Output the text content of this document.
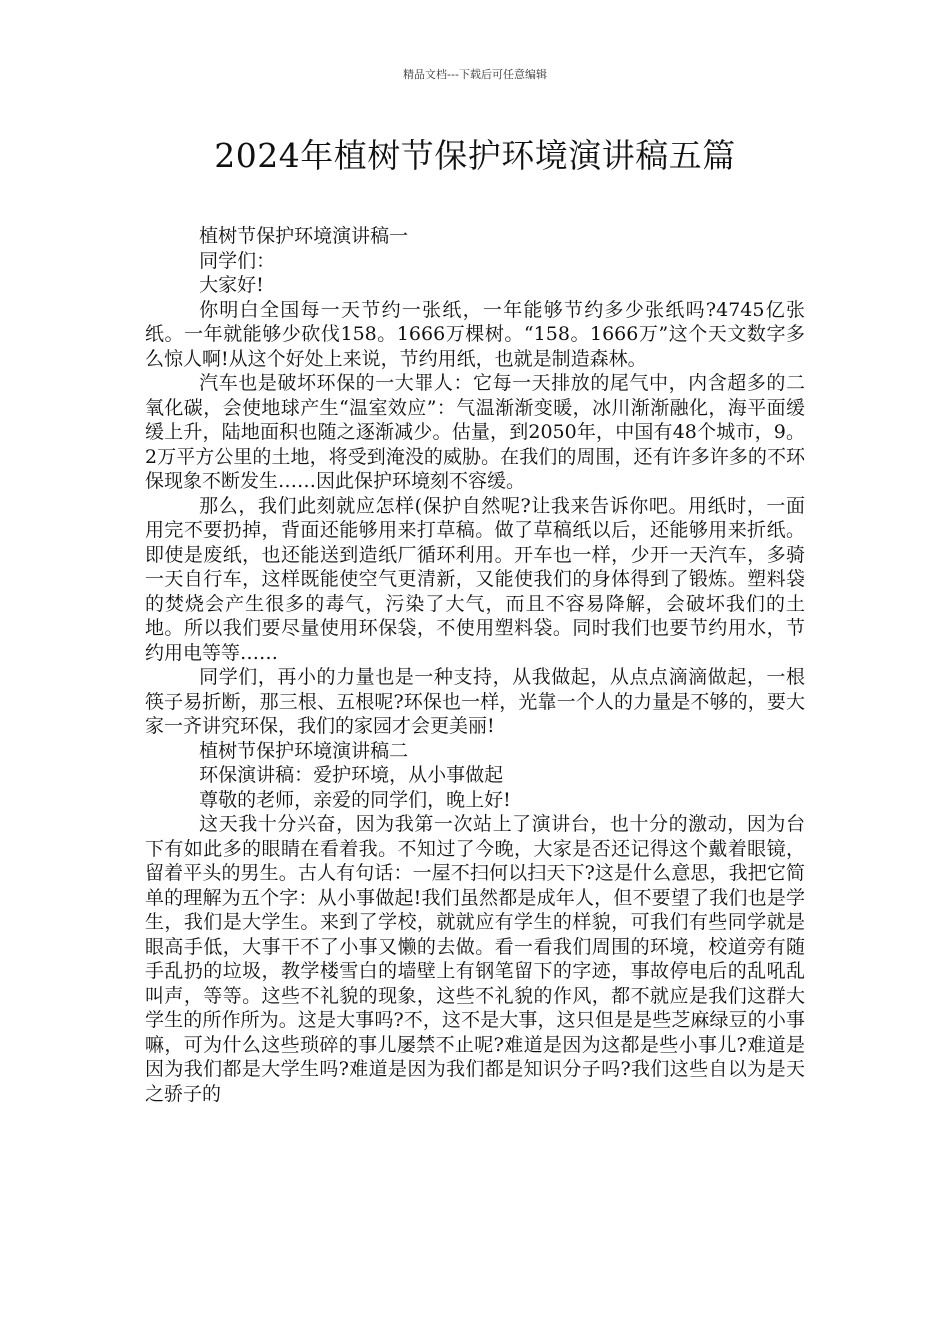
精品文档---下载后可任意编辑
2024年植树节保护环境演讲稿五篇

植树节保护环境演讲稿一

同学们：

大家好!

你明白全国每一天节约一张纸，一年能够节约多少张纸吗?4745亿张纸。一年就能够少砍伐158。1666万棵树。“158。1666万”这个天文数字多么惊人啊!从这个好处上来说，节约用纸，也就是制造森林。

汽车也是破坏环保的一大罪人：它每一天排放的尾气中，内含超多的二氧化碳，会使地球产生“温室效应”：气温渐渐变暖，冰川渐渐融化，海平面缓缓上升，陆地面积也随之逐渐减少。估量，到2050年，中国有48个城市，9。2万平方公里的土地，将受到淹没的威胁。在我们的周围，还有许多许多的不环保现象不断发生……因此保护环境刻不容缓。

那么，我们此刻就应怎样(保护自然呢?让我来告诉你吧。用纸时，一面用完不要扔掉，背面还能够用来打草稿。做了草稿纸以后，还能够用来折纸。即使是废纸，也还能送到造纸厂循环利用。开车也一样，少开一天汽车，多骑一天自行车，这样既能使空气更清新，又能使我们的身体得到了锻炼。塑料袋的焚烧会产生很多的毒气，污染了大气，而且不容易降解，会破坏我们的土地。所以我们要尽量使用环保袋，不使用塑料袋。同时我们也要节约用水，节约用电等等……

同学们，再小的力量也是一种支持，从我做起，从点点滴滴做起，一根筷子易折断，那三根、五根呢?环保也一样，光靠一个人的力量是不够的，要大家一齐讲究环保，我们的家园才会更美丽!

植树节保护环境演讲稿二

环保演讲稿：爱护环境，从小事做起

尊敬的老师，亲爱的同学们，晚上好!

这天我十分兴奋，因为我第一次站上了演讲台，也十分的激动，因为台下有如此多的眼睛在看着我。不知过了今晚，大家是否还记得这个戴着眼镜，留着平头的男生。古人有句话：一屋不扫何以扫天下?这是什么意思，我把它简单的理解为五个字：从小事做起!我们虽然都是成年人，但不要望了我们也是学生，我们是大学生。来到了学校，就就应有学生的样貌，可我们有些同学就是眼高手低，大事干不了小事又懒的去做。看一看我们周围的环境，校道旁有随手乱扔的垃圾，教学楼雪白的墙壁上有钢笔留下的字迹，事故停电后的乱吼乱叫声，等等。这些不礼貌的现象，这些不礼貌的作风，都不就应是我们这群大学生的所作所为。这是大事吗?不，这不是大事，这只但是是些芝麻绿豆的小事嘛，可为什么这些琐碎的事儿屡禁不止呢?难道是因为这都是些小事儿?难道是因为我们都是大学生吗?难道是因为我们都是知识分子吗?我们这些自以为是天之骄子的
